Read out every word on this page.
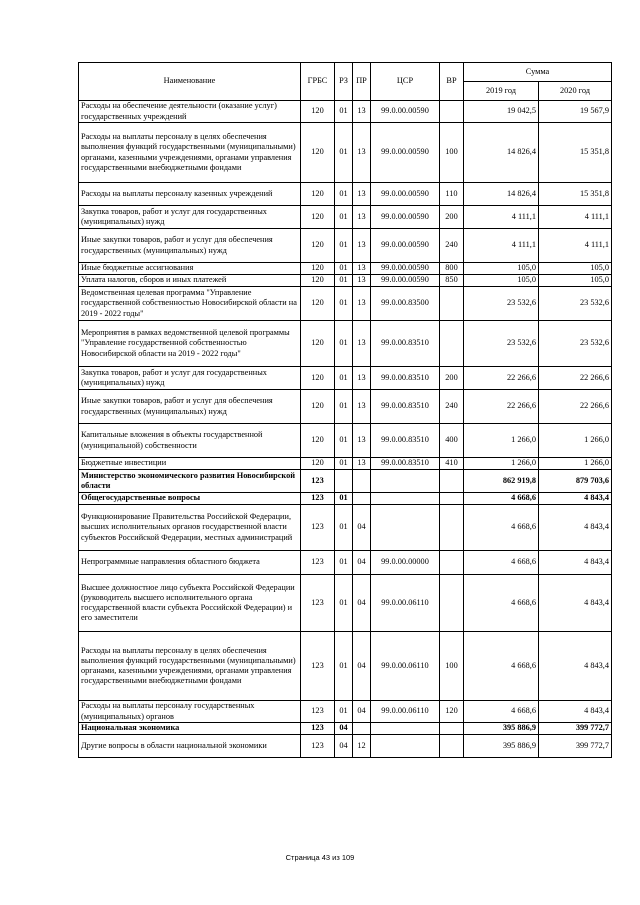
Наименование	ГРБС	РЗ	ПР	ЦСР	ВР	Сумма	
						2019 год	2020 год
Расходы на обеспечение деятельности (оказание услуг) государственных учреждений	120	01	13	99.0.00.00590		19 042,5	19 567,9
Расходы на выплаты персоналу в целях обеспечения выполнения функций государственными (муниципальными) органами, казенными учреждениями, органами управления государственными внебюджетными фондами	120	01	13	99.0.00.00590	100	14 826,4	15 351,8
Расходы на выплаты персоналу казенных учреждений	120	01	13	99.0.00.00590	110	14 826,4	15 351,8
Закупка товаров, работ и услуг для государственных (муниципальных) нужд	120	01	13	99.0.00.00590	200	4 111,1	4 111,1
Иные закупки товаров, работ и услуг для обеспечения государственных (муниципальных) нужд	120	01	13	99.0.00.00590	240	4 111,1	4 111,1
Иные бюджетные ассигнования	120	01	13	99.0.00.00590	800	105,0	105,0
Уплата налогов, сборов и иных платежей	120	01	13	99.0.00.00590	850	105,0	105,0
Ведомственная целевая программа "Управление государственной собственностью Новосибирской области на 2019 - 2022 годы"	120	01	13	99.0.00.83500		23 532,6	23 532,6
Мероприятия в рамках ведомственной целевой программы "Управление государственной собственностью Новосибирской области на 2019 - 2022 годы"	120	01	13	99.0.00.83510		23 532,6	23 532,6
Закупка товаров, работ и услуг для государственных (муниципальных) нужд	120	01	13	99.0.00.83510	200	22 266,6	22 266,6
Иные закупки товаров, работ и услуг для обеспечения государственных (муниципальных) нужд	120	01	13	99.0.00.83510	240	22 266,6	22 266,6
Капитальные вложения в объекты государственной (муниципальной) собственности	120	01	13	99.0.00.83510	400	1 266,0	1 266,0
Бюджетные инвестиции	120	01	13	99.0.00.83510	410	1 266,0	1 266,0
Министерство экономического развития Новосибирской области	123					862 919,8	879 703,6
Общегосударственные вопросы	123	01				4 668,6	4 843,4
Функционирование Правительства Российской Федерации, высших исполнительных органов государственной власти субъектов Российской Федерации, местных администраций	123	01	04			4 668,6	4 843,4
Непрограммные направления областного бюджета	123	01	04	99.0.00.00000		4 668,6	4 843,4
Высшее должностное лицо субъекта Российской Федерации (руководитель высшего исполнительного органа государственной власти субъекта Российской Федерации) и его заместители	123	01	04	99.0.00.06110		4 668,6	4 843,4
Расходы на выплаты персоналу в целях обеспечения выполнения функций государственными (муниципальными) органами, казенными учреждениями, органами управления государственными внебюджетными фондами	123	01	04	99.0.00.06110	100	4 668,6	4 843,4
Расходы на выплаты персоналу государственных (муниципальных) органов	123	01	04	99.0.00.06110	120	4 668,6	4 843,4
Национальная экономика	123	04				395 886,9	399 772,7
Другие вопросы в области национальной экономики	123	04	12			395 886,9	399 772,7
Страница 43 из 109
